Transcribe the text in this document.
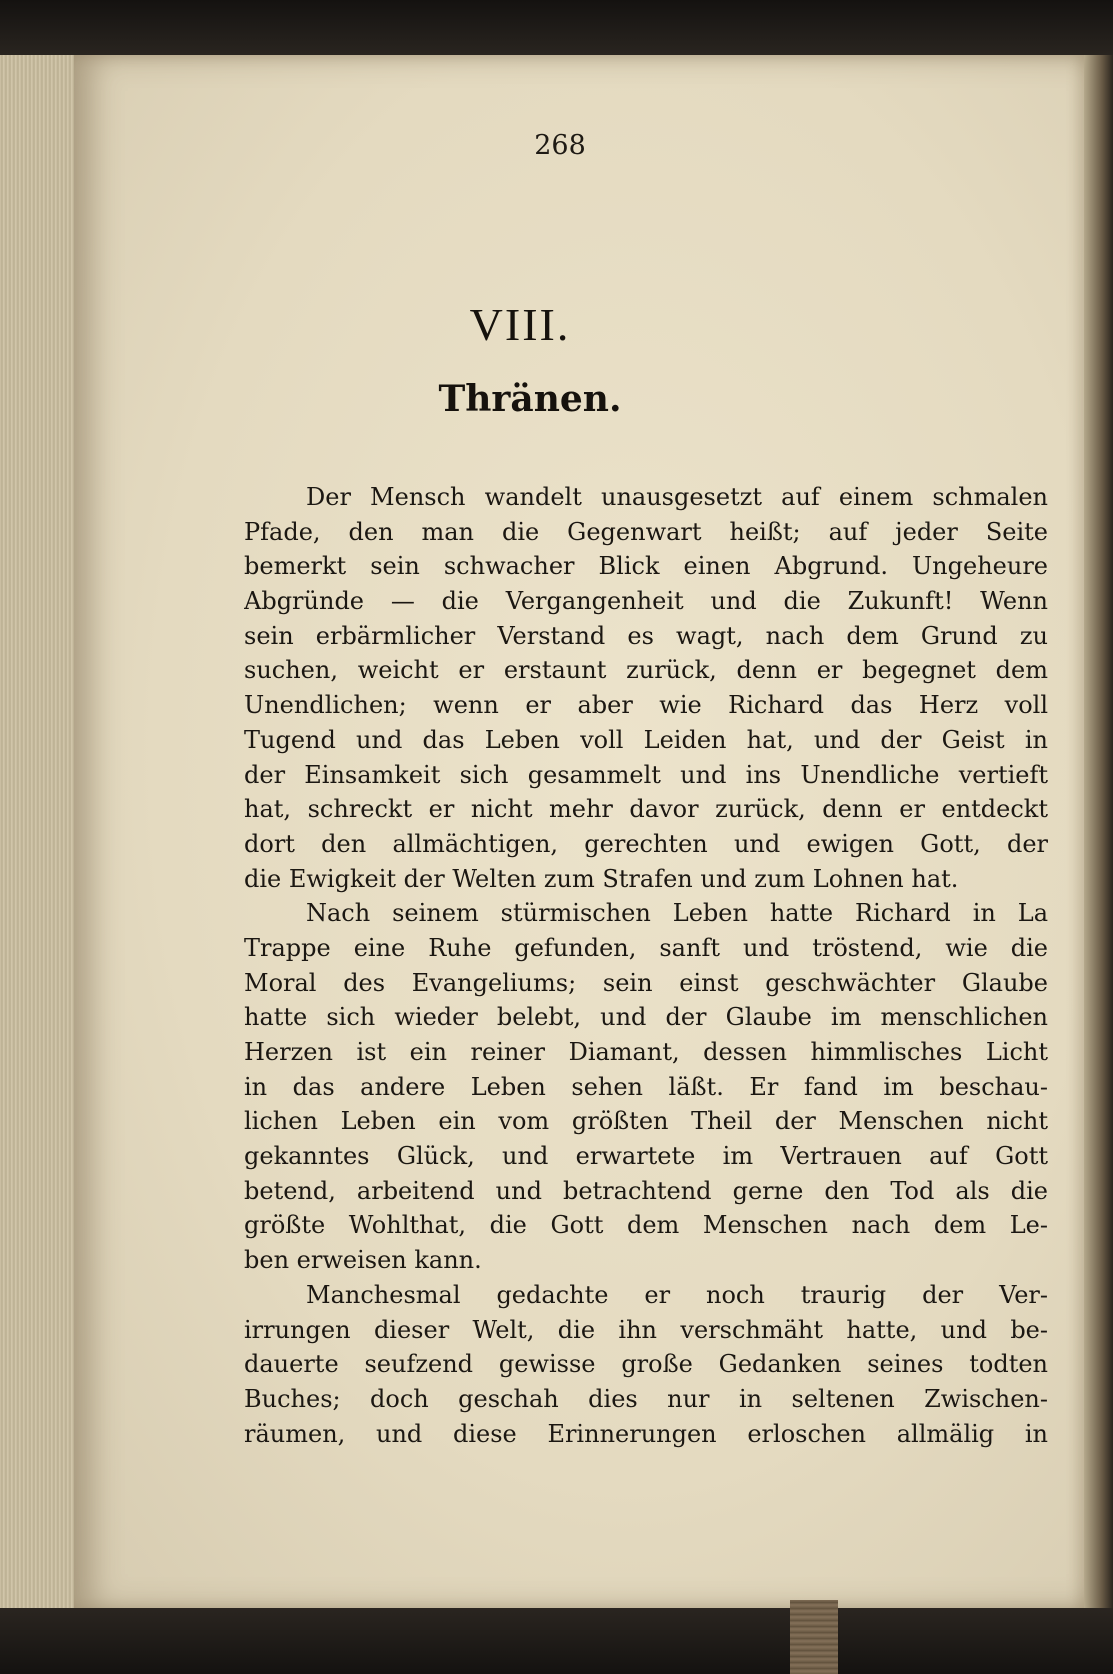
268
VIII.
Thränen.
Der Mensch wandelt unausgesetzt auf einem schmalen
Pfade, den man die Gegenwart heißt; auf jeder Seite
bemerkt sein schwacher Blick einen Abgrund. Ungeheure
Abgründe — die Vergangenheit und die Zukunft! Wenn
sein erbärmlicher Verstand es wagt, nach dem Grund zu
suchen, weicht er erstaunt zurück, denn er begegnet dem
Unendlichen; wenn er aber wie Richard das Herz voll
Tugend und das Leben voll Leiden hat, und der Geist in
der Einsamkeit sich gesammelt und ins Unendliche vertieft
hat, schreckt er nicht mehr davor zurück, denn er entdeckt
dort den allmächtigen, gerechten und ewigen Gott, der
die Ewigkeit der Welten zum Strafen und zum Lohnen hat.
Nach seinem stürmischen Leben hatte Richard in La
Trappe eine Ruhe gefunden, sanft und tröstend, wie die
Moral des Evangeliums; sein einst geschwächter Glaube
hatte sich wieder belebt, und der Glaube im menschlichen
Herzen ist ein reiner Diamant, dessen himmlisches Licht
in das andere Leben sehen läßt. Er fand im beschau-
lichen Leben ein vom größten Theil der Menschen nicht
gekanntes Glück, und erwartete im Vertrauen auf Gott
betend, arbeitend und betrachtend gerne den Tod als die
größte Wohlthat, die Gott dem Menschen nach dem Le-
ben erweisen kann.
Manchesmal gedachte er noch traurig der Ver-
irrungen dieser Welt, die ihn verschmäht hatte, und be-
dauerte seufzend gewisse große Gedanken seines todten
Buches; doch geschah dies nur in seltenen Zwischen-
räumen, und diese Erinnerungen erloschen allmälig in
